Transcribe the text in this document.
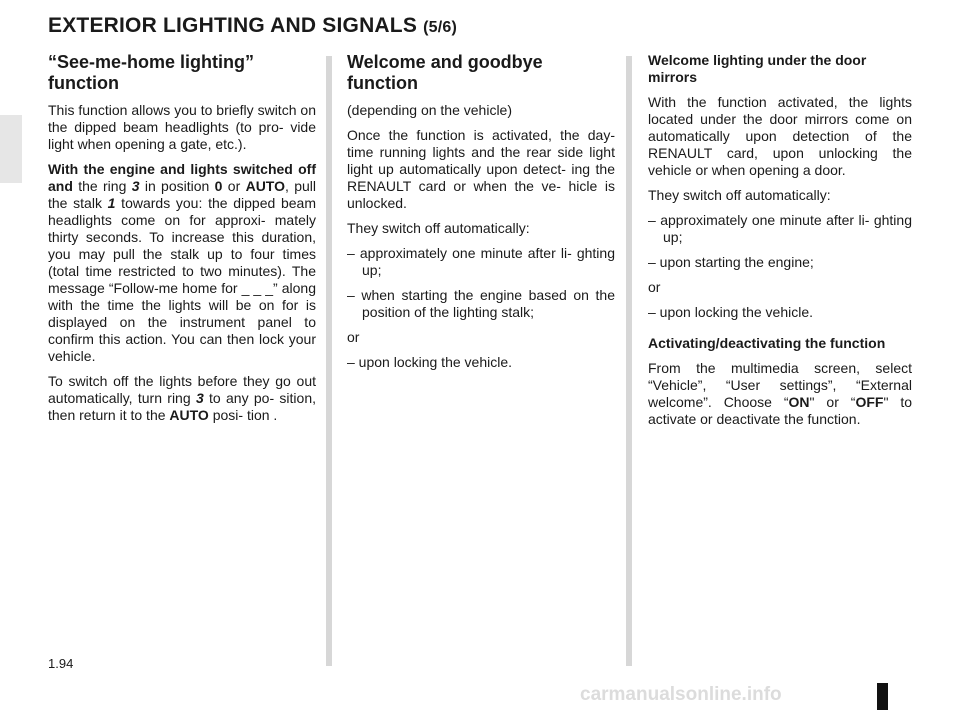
EXTERIOR LIGHTING AND SIGNALS (5/6)
“See-me-home lighting” function

This function allows you to briefly switch on the dipped beam headlights (to pro- vide light when opening a gate, etc.).

With the engine and lights switched off and the ring 3 in position 0 or AUTO, pull the stalk 1 towards you: the dipped beam headlights come on for approxi- mately thirty seconds. To increase this duration, you may pull the stalk up to four times (total time restricted to two minutes). The message “Follow-me home for _ _ _” along with the time the lights will be on for is displayed on the instrument panel to confirm this action. You can then lock your vehicle.

To switch off the lights before they go out automatically, turn ring 3 to any po- sition, then return it to the AUTO posi- tion .

Welcome and goodbye function

(depending on the vehicle)

Once the function is activated, the day- time running lights and the rear side light light up automatically upon detect- ing the RENAULT card or when the ve- hicle is unlocked.

They switch off automatically:

– approximately one minute after li- ghting up;

– when starting the engine based on the position of the lighting stalk;

or

– upon locking the vehicle.

Welcome lighting under the door mirrors

With the function activated, the lights located under the door mirrors come on automatically upon detection of the RENAULT card, upon unlocking the vehicle or when opening a door.

They switch off automatically:

– approximately one minute after li- ghting up;

– upon starting the engine;

or

– upon locking the vehicle.

Activating/deactivating the function

From the multimedia screen, select “Vehicle”, “User settings”, “External welcome”. Choose “ON" or “OFF" to activate or deactivate the function.

1.94
carmanualsonline.info
